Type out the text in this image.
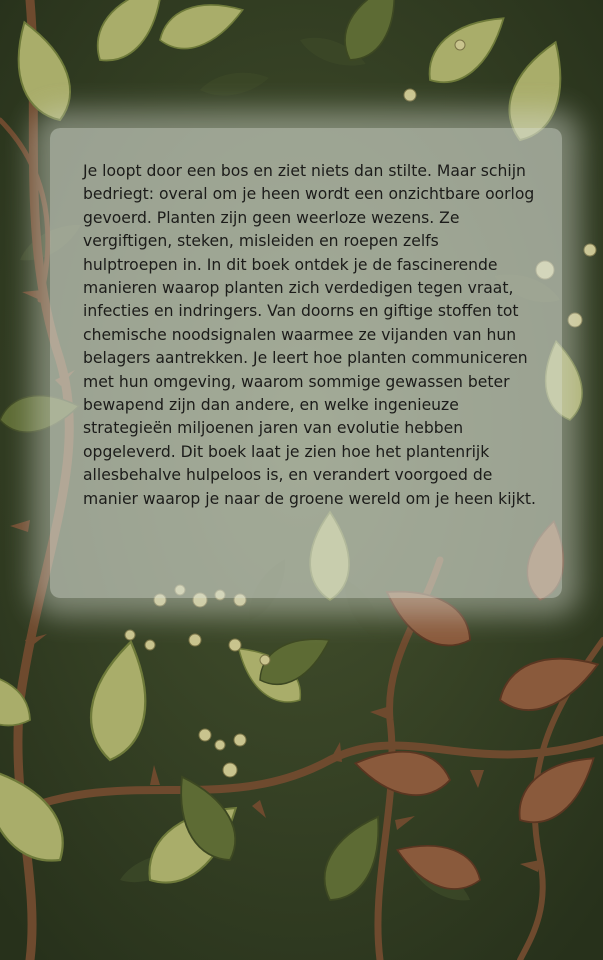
Je loopt door een bos en ziet niets dan stilte. Maar schijn bedriegt: overal om je heen wordt een onzichtbare oorlog gevoerd. Planten zijn geen weerloze wezens. Ze vergiftigen, steken, misleiden en roepen zelfs hulptroepen in. In dit boek ontdek je de fascinerende manieren waarop planten zich verdedigen tegen vraat, infecties en indringers. Van doorns en giftige stoffen tot chemische noodsignalen waarmee ze vijanden van hun belagers aantrekken. Je leert hoe planten communiceren met hun omgeving, waarom sommige gewassen beter bewapend zijn dan andere, en welke ingenieuze strategieën miljoenen jaren van evolutie hebben opgeleverd. Dit boek laat je zien hoe het plantenrijk allesbehalve hulpeloos is, en verandert voorgoed de manier waarop je naar de groene wereld om je heen kijkt.
